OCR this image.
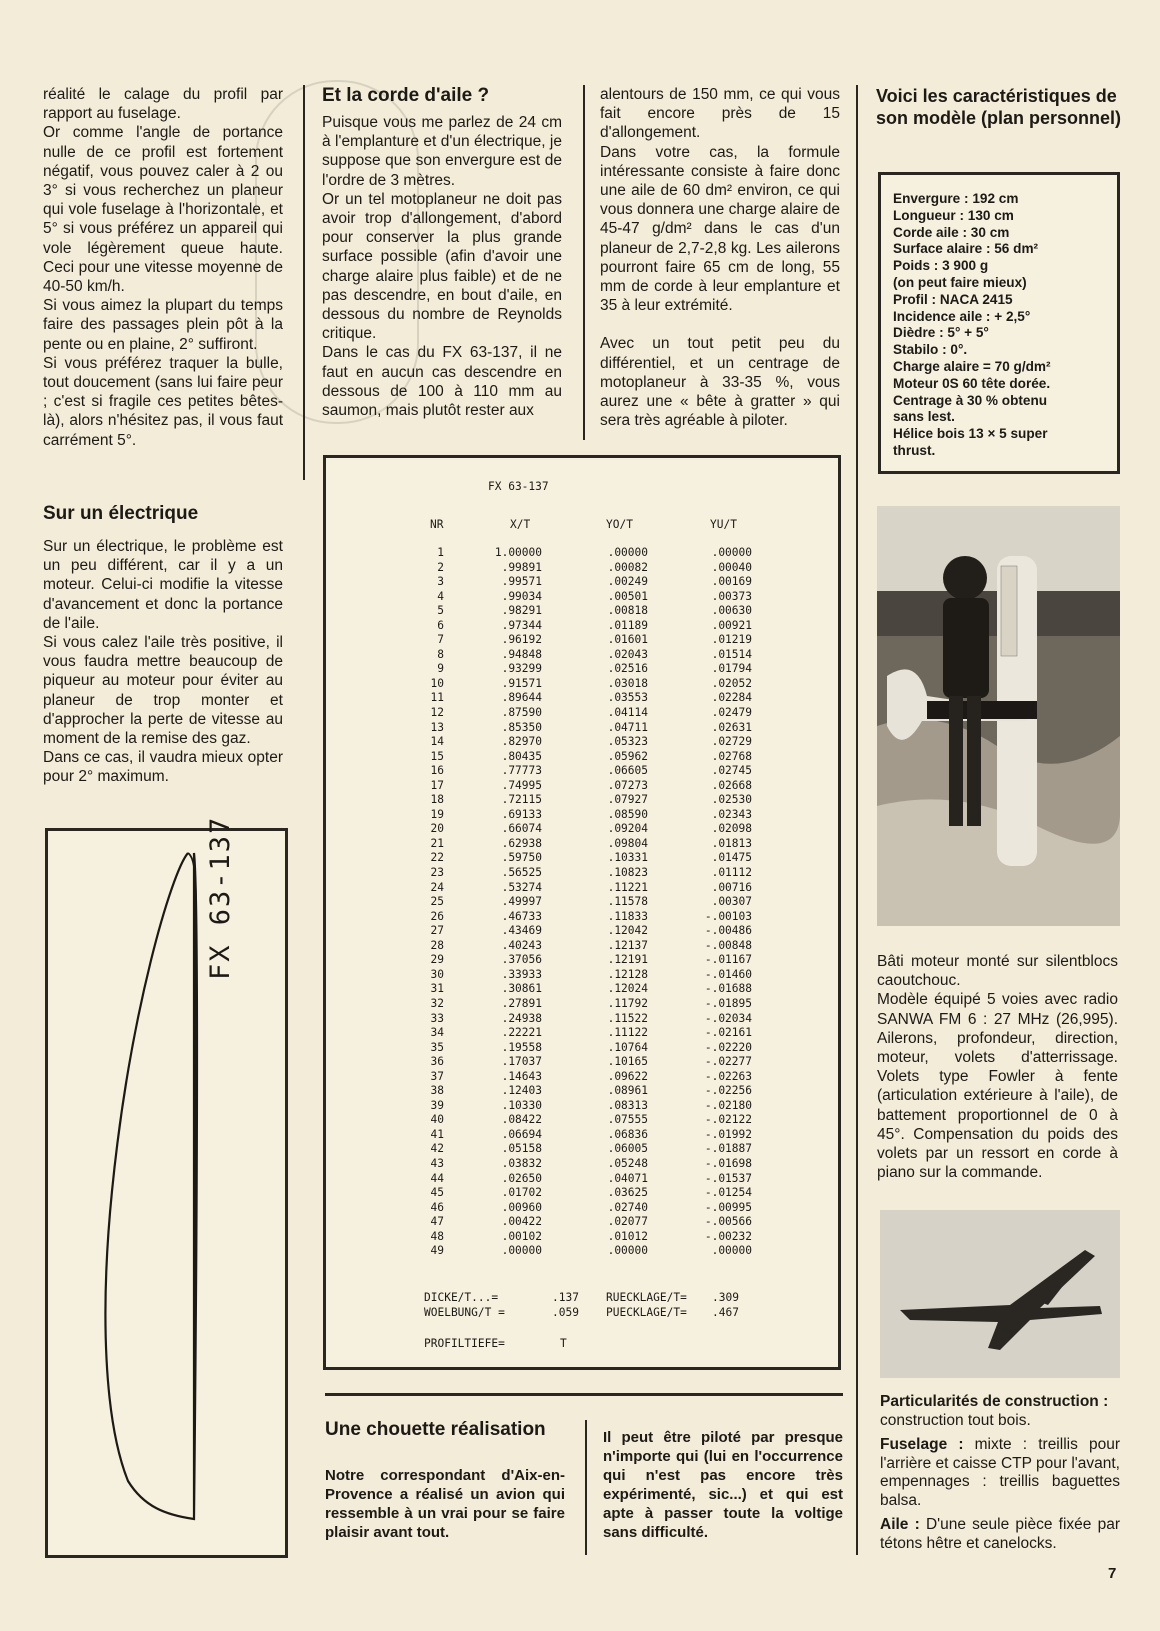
réalité le calage du profil par rapport au fuselage.

Or comme l'angle de portance nulle de ce profil est fortement négatif, vous pouvez caler à 2 ou 3° si vous recherchez un planeur qui vole fuselage à l'horizontale, et 5° si vous préférez un appareil qui vole légèrement queue haute. Ceci pour une vitesse moyenne de 40-50 km/h.

Si vous aimez la plupart du temps faire des passages plein pôt à la pente ou en plaine, 2° suffiront.

Si vous préférez traquer la bulle, tout doucement (sans lui faire peur ; c'est si fragile ces petites bêtes-là), alors n'hésitez pas, il vous faut carrément 5°.

Sur un électrique

Sur un électrique, le problème est un peu différent, car il y a un moteur. Celui-ci modifie la vitesse d'avancement et donc la portance de l'aile.

Si vous calez l'aile très positive, il vous faudra mettre beaucoup de piqueur au moteur pour éviter au planeur de trop monter et d'approcher la perte de vitesse au moment de la remise des gaz.

Dans ce cas, il vaudra mieux opter pour 2° maximum.

FX 63-137
Et la corde d'aile ?

Puisque vous me parlez de 24 cm à l'emplanture et d'un électrique, je suppose que son envergure est de l'ordre de 3 mètres.

Or un tel motoplaneur ne doit pas avoir trop d'allongement, d'abord pour conserver la plus grande surface possible (afin d'avoir une charge alaire plus faible) et de ne pas descendre, en bout d'aile, en dessous du nombre de Reynolds critique.

Dans le cas du FX 63-137, il ne faut en aucun cas descendre en dessous de 100 à 110 mm au saumon, mais plutôt rester aux

alentours de 150 mm, ce qui vous fait encore près de 15 d'allongement.

Dans votre cas, la formule intéressante consiste à faire donc une aile de 60 dm² environ, ce qui vous donnera une charge alaire de 45-47 g/dm² dans le cas d'un planeur de 2,7-2,8 kg. Les ailerons pourront faire 65 cm de long, 55 mm de corde à leur emplanture et 35 à leur extrémité.

Avec un tout petit peu du différentiel, et un centrage de motoplaneur à 33-35 %, vous aurez une « bête à gratter » qui sera très agréable à piloter.

FX 63-137
NR	X/T	YO/T	YU/T
1	1.00000	.00000	.00000
2	.99891	.00082	.00040
3	.99571	.00249	.00169
4	.99034	.00501	.00373
5	.98291	.00818	.00630
6	.97344	.01189	.00921
7	.96192	.01601	.01219
8	.94848	.02043	.01514
9	.93299	.02516	.01794
10	.91571	.03018	.02052
11	.89644	.03553	.02284
12	.87590	.04114	.02479
13	.85350	.04711	.02631
14	.82970	.05323	.02729
15	.80435	.05962	.02768
16	.77773	.06605	.02745
17	.74995	.07273	.02668
18	.72115	.07927	.02530
19	.69133	.08590	.02343
20	.66074	.09204	.02098
21	.62938	.09804	.01813
22	.59750	.10331	.01475
23	.56525	.10823	.01112
24	.53274	.11221	.00716
25	.49997	.11578	.00307
26	.46733	.11833	-.00103
27	.43469	.12042	-.00486
28	.40243	.12137	-.00848
29	.37056	.12191	-.01167
30	.33933	.12128	-.01460
31	.30861	.12024	-.01688
32	.27891	.11792	-.01895
33	.24938	.11522	-.02034
34	.22221	.11122	-.02161
35	.19558	.10764	-.02220
36	.17037	.10165	-.02277
37	.14643	.09622	-.02263
38	.12403	.08961	-.02256
39	.10330	.08313	-.02180
40	.08422	.07555	-.02122
41	.06694	.06836	-.01992
42	.05158	.06005	-.01887
43	.03832	.05248	-.01698
44	.02650	.04071	-.01537
45	.01702	.03625	-.01254
46	.00960	.02740	-.00995
47	.00422	.02077	-.00566
48	.00102	.01012	-.00232
49	.00000	.00000	.00000
DICKE/T...=	.137
WOELBUNG/T =	.059
RUECKLAGE/T= .309
PUECKLAGE/T= .467
PROFILTIEFE=	T
Voici les caractéristiques de son modèle (plan personnel)
Envergure : 192 cm
Longueur : 130 cm
Corde aile : 30 cm
Surface alaire : 56 dm²
Poids : 3 900 g
(on peut faire mieux)
Profil : NACA 2415
Incidence aile : + 2,5°
Dièdre : 5° + 5°
Stabilo : 0°.
Charge alaire = 70 g/dm²
Moteur 0S 60 tête dorée.
Centrage à 30 % obtenu
sans lest.
Hélice bois 13 × 5 super
thrust.

Bâti moteur monté sur silentblocs caoutchouc.

Modèle équipé 5 voies avec radio SANWA FM 6 : 27 MHz (26,995). Ailerons, profondeur, direction, moteur, volets d'atterrissage. Volets type Fowler à fente (articulation extérieure à l'aile), de battement proportionnel de 0 à 45°. Compensation du poids des volets par un ressort en corde à piano sur la commande.

Particularités de construction : construction tout bois.

Fuselage : mixte : treillis pour l'arrière et caisse CTP pour l'avant, empennages : treillis baguettes balsa.

Aile : D'une seule pièce fixée par tétons hêtre et canelocks.

Une chouette réalisation
Notre correspondant d'Aix-en-Provence a réalisé un avion qui ressemble à un vrai pour se faire plaisir avant tout.
Il peut être piloté par presque n'importe qui (lui en l'occurrence qui n'est pas encore très expérimenté, sic...) et qui est apte à passer toute la voltige sans difficulté.
7
